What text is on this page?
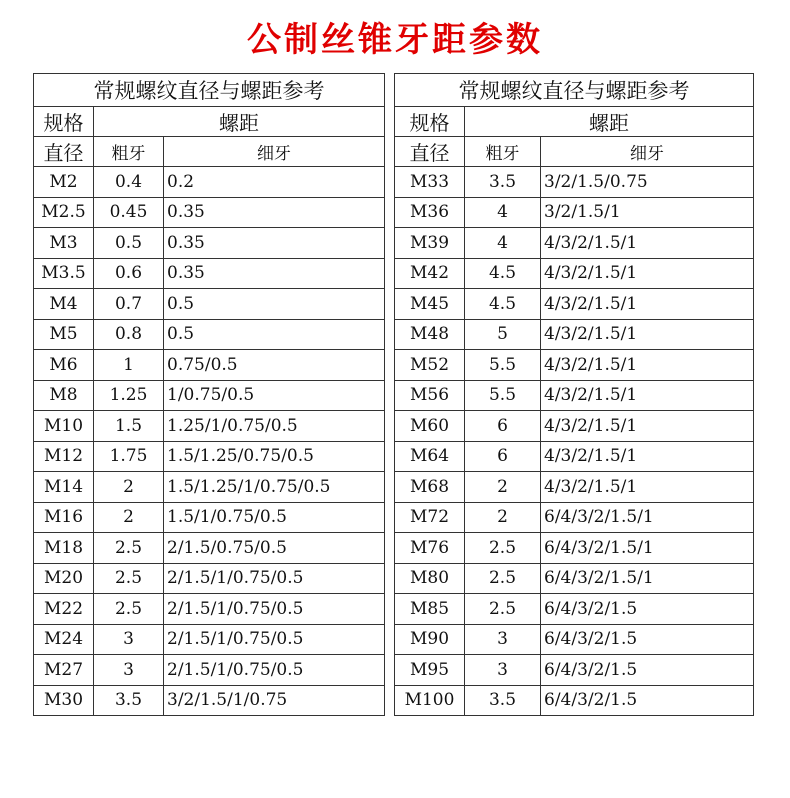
公制丝锥牙距参数
常规螺纹直径与螺距参考		
规格	螺距	
直径	粗牙	细牙
M2	0.4	0.2
M2.5	0.45	0.35
M3	0.5	0.35
M3.5	0.6	0.35
M4	0.7	0.5
M5	0.8	0.5
M6	1	0.75/0.5
M8	1.25	1/0.75/0.5
M10	1.5	1.25/1/0.75/0.5
M12	1.75	1.5/1.25/0.75/0.5
M14	2	1.5/1.25/1/0.75/0.5
M16	2	1.5/1/0.75/0.5
M18	2.5	2/1.5/0.75/0.5
M20	2.5	2/1.5/1/0.75/0.5
M22	2.5	2/1.5/1/0.75/0.5
M24	3	2/1.5/1/0.75/0.5
M27	3	2/1.5/1/0.75/0.5
M30	3.5	3/2/1.5/1/0.75
常规螺纹直径与螺距参考		
规格	螺距	
直径	粗牙	细牙
M33	3.5	3/2/1.5/0.75
M36	4	3/2/1.5/1
M39	4	4/3/2/1.5/1
M42	4.5	4/3/2/1.5/1
M45	4.5	4/3/2/1.5/1
M48	5	4/3/2/1.5/1
M52	5.5	4/3/2/1.5/1
M56	5.5	4/3/2/1.5/1
M60	6	4/3/2/1.5/1
M64	6	4/3/2/1.5/1
M68	2	4/3/2/1.5/1
M72	2	6/4/3/2/1.5/1
M76	2.5	6/4/3/2/1.5/1
M80	2.5	6/4/3/2/1.5/1
M85	2.5	6/4/3/2/1.5
M90	3	6/4/3/2/1.5
M95	3	6/4/3/2/1.5
M100	3.5	6/4/3/2/1.5
